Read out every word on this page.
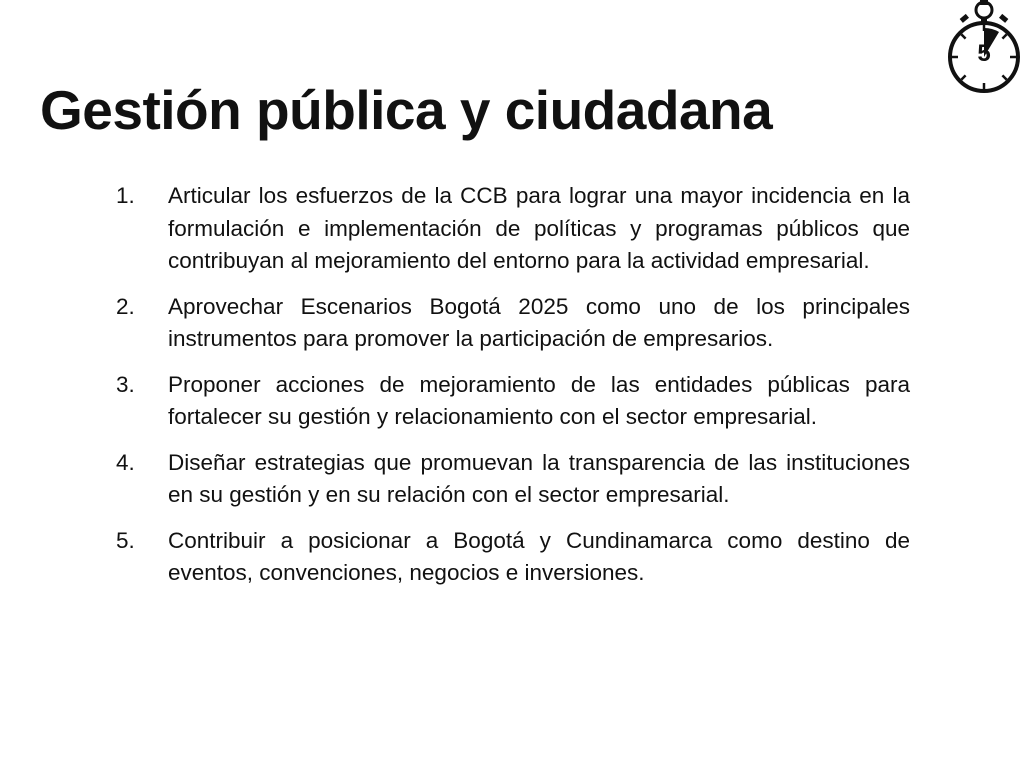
5
Gestión pública y ciudadana
1.	Articular los esfuerzos de la CCB para lograr una mayor incidencia en la formulación e implementación de políticas y programas públicos que contribuyan al mejoramiento del entorno para la actividad empresarial.
2.	Aprovechar Escenarios Bogotá 2025 como uno de los principales instrumentos para promover la participación de empresarios.
3.	Proponer acciones de mejoramiento de las entidades públicas para fortalecer su gestión y relacionamiento con el sector empresarial.
4.	Diseñar estrategias que promuevan la transparencia de las instituciones en su gestión y en su relación con el sector empresarial.
5.	Contribuir a posicionar a Bogotá y Cundinamarca como destino de eventos, convenciones, negocios e inversiones.
